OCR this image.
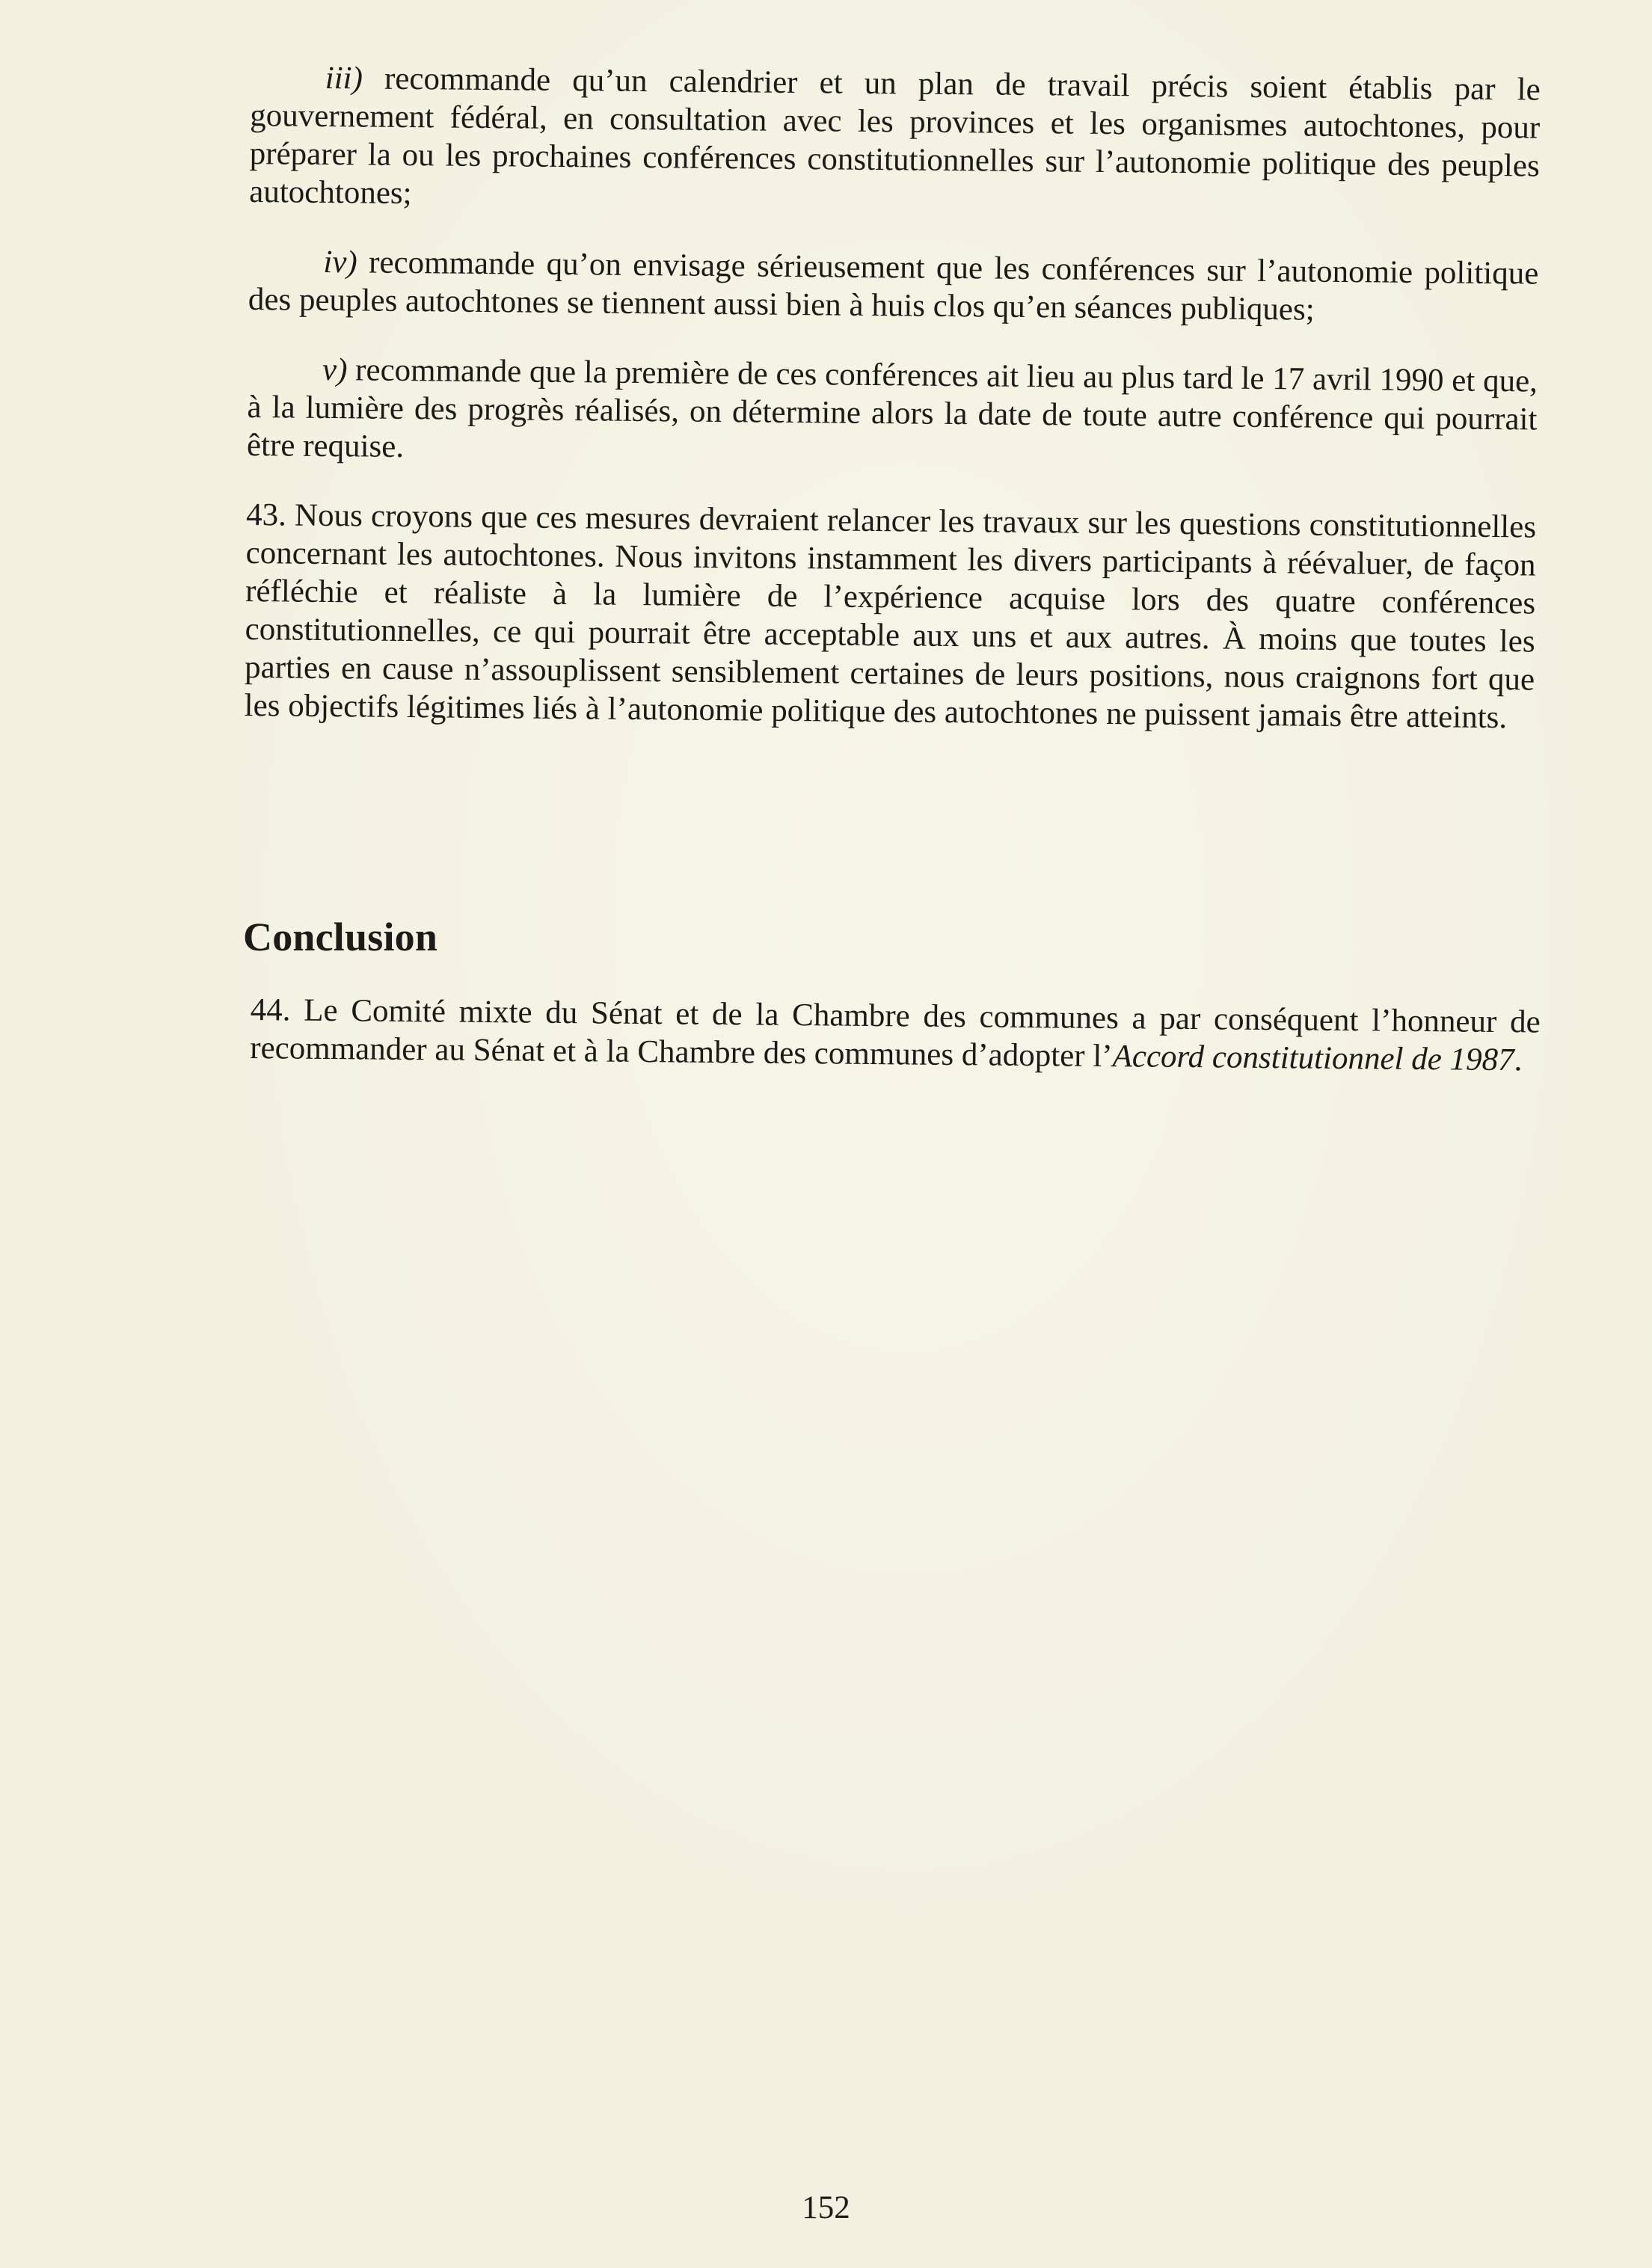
iii) recommande qu’un calendrier et un plan de travail précis soient établis par le gouvernement fédéral, en consultation avec les provinces et les organismes autochtones, pour préparer la ou les prochaines conférences constitutionnelles sur l’autonomie politique des peuples autochtones;

iv) recommande qu’on envisage sérieusement que les conférences sur l’autonomie politique des peuples autochtones se tiennent aussi bien à huis clos qu’en séances publiques;

v) recommande que la première de ces conférences ait lieu au plus tard le 17 avril 1990 et que, à la lumière des progrès réalisés, on détermine alors la date de toute autre conférence qui pourrait être requise.

43. Nous croyons que ces mesures devraient relancer les travaux sur les questions constitutionnelles concernant les autochtones. Nous invitons instamment les divers participants à réévaluer, de façon réfléchie et réaliste à la lumière de l’expérience acquise lors des quatre conférences constitutionnelles, ce qui pourrait être acceptable aux uns et aux autres. À moins que toutes les parties en cause n’assouplissent sensiblement certaines de leurs positions, nous craignons fort que les objectifs légitimes liés à l’autonomie politique des autochtones ne puissent jamais être atteints.

Conclusion

44. Le Comité mixte du Sénat et de la Chambre des communes a par conséquent l’honneur de recommander au Sénat et à la Chambre des communes d’adopter l’Accord constitutionnel de 1987.

152
